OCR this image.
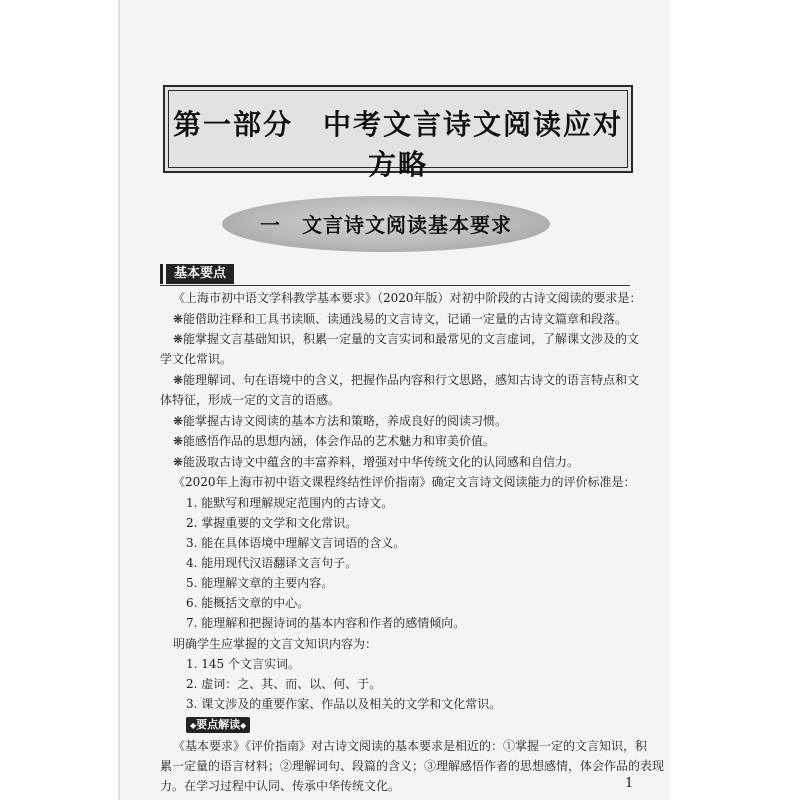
第一部分　中考文言诗文阅读应对方略
一　文言诗文阅读基本要求
基本要点
◆ 要点解读 ◆
1
《上海市初中语文学科教学基本要求》（2020年版）对初中阶段的古诗文阅读的要求是：
❋能借助注释和工具书读顺、读通浅易的文言诗文，记诵一定量的古诗文篇章和段落。
❋能掌握文言基础知识，积累一定量的文言实词和最常见的文言虚词，了解课文涉及的文
学文化常识。
❋能理解词、句在语境中的含义，把握作品内容和行文思路，感知古诗文的语言特点和文
体特征，形成一定的文言的语感。
❋能掌握古诗文阅读的基本方法和策略，养成良好的阅读习惯。
❋能感悟作品的思想内涵，体会作品的艺术魅力和审美价值。
❋能汲取古诗文中蕴含的丰富养料，增强对中华传统文化的认同感和自信力。
《2020年上海市初中语文课程终结性评价指南》确定文言诗文阅读能力的评价标准是：
1. 能默写和理解规定范围内的古诗文。
2. 掌握重要的文学和文化常识。
3. 能在具体语境中理解文言词语的含义。
4. 能用现代汉语翻译文言句子。
5. 能理解文章的主要内容。
6. 能概括文章的中心。
7. 能理解和把握诗词的基本内容和作者的感情倾向。
明确学生应掌握的文言文知识内容为：
1. 145 个文言实词。
2. 虚词：之、其、而、以、何、于。
3. 课文涉及的重要作家、作品以及相关的文学和文化常识。
《基本要求》《评价指南》对古诗文阅读的基本要求是相近的：①掌握一定的文言知识，积
累一定量的语言材料；②理解词句、段篇的含义；③理解感悟作者的思想感情，体会作品的表现
力。在学习过程中认同、传承中华传统文化。
